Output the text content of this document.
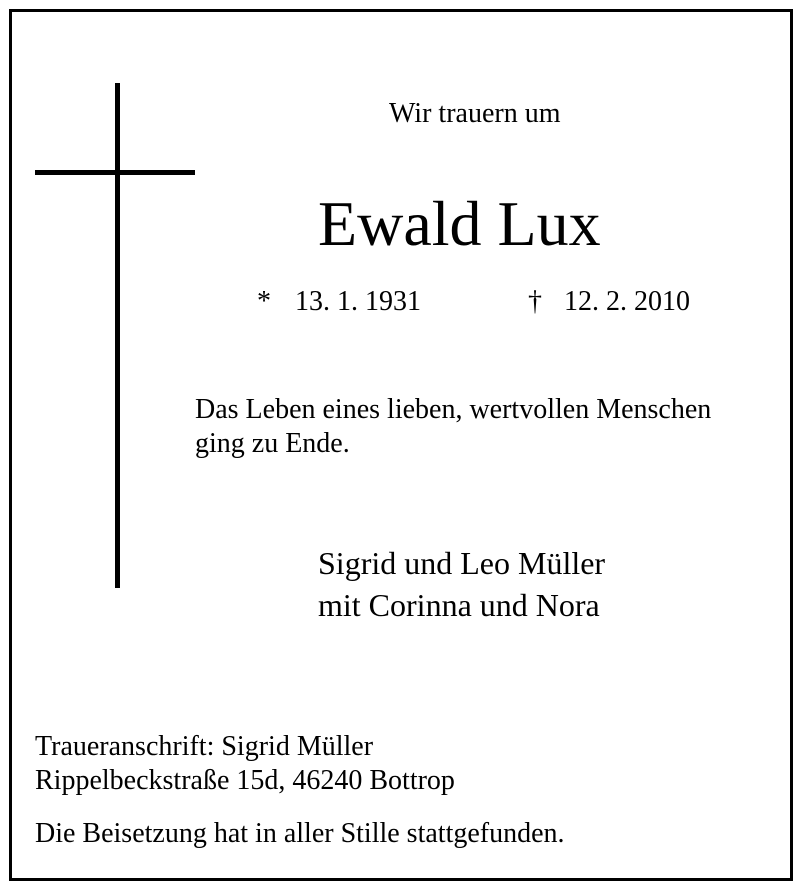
Wir trauern um
Ewald Lux
* 13. 1. 1931	† 12. 2. 2010
Das Leben eines lieben, wertvollen Menschen
ging zu Ende.
Sigrid und Leo Müller
mit Corinna und Nora
Traueranschrift: Sigrid Müller
Rippelbeckstraße 15d, 46240 Bottrop
Die Beisetzung hat in aller Stille stattgefunden.
